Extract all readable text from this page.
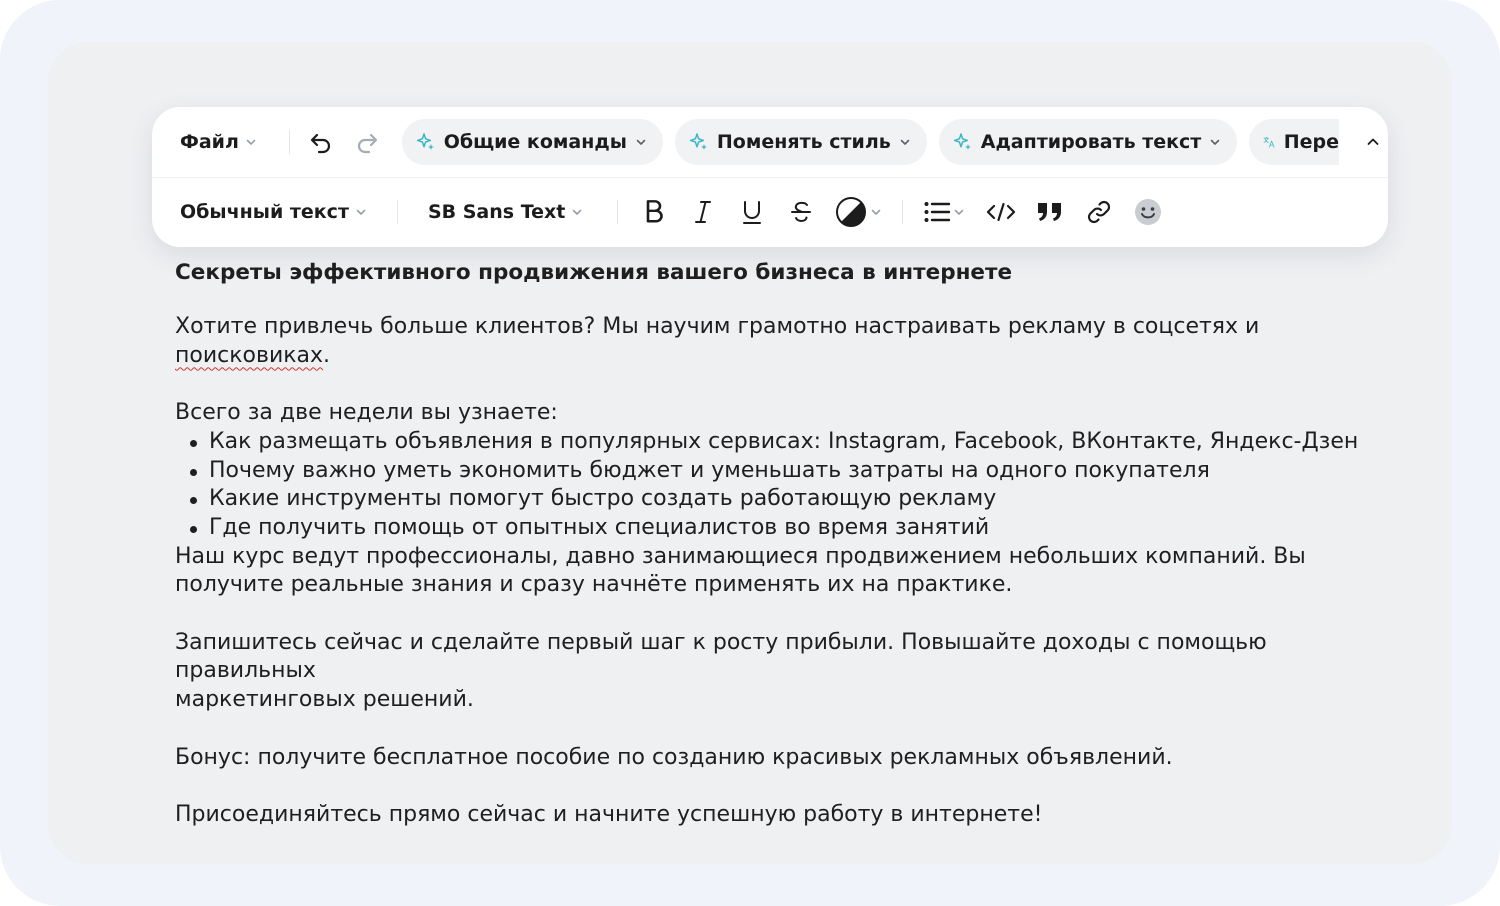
Файл	Общие команды	Поменять стиль	Адаптировать текст	Пере
Обычный текст	SB Sans Text

Секреты эффективного продвижения вашего бизнеса в интернете

Хотите привлечь больше клиентов? Мы научим грамотно настраивать рекламу в соцсетях и поисковиках.

Всего за две недели вы узнаете:

Как размещать объявления в популярных сервисах: Instagram, Facebook, ВКонтакте, Яндекс-Дзен
Почему важно уметь экономить бюджет и уменьшать затраты на одного покупателя
Какие инструменты помогут быстро создать работающую рекламу
Где получить помощь от опытных специалистов во время занятий

Наш курс ведут профессионалы, давно занимающиеся продвижением небольших компаний. Вы
получите реальные знания и сразу начнёте применять их на практике.

Запишитесь сейчас и сделайте первый шаг к росту прибыли. Повышайте доходы с помощью правильных
маркетинговых решений.

Бонус: получите бесплатное пособие по созданию красивых рекламных объявлений.

Присоединяйтесь прямо сейчас и начните успешную работу в интернете!
